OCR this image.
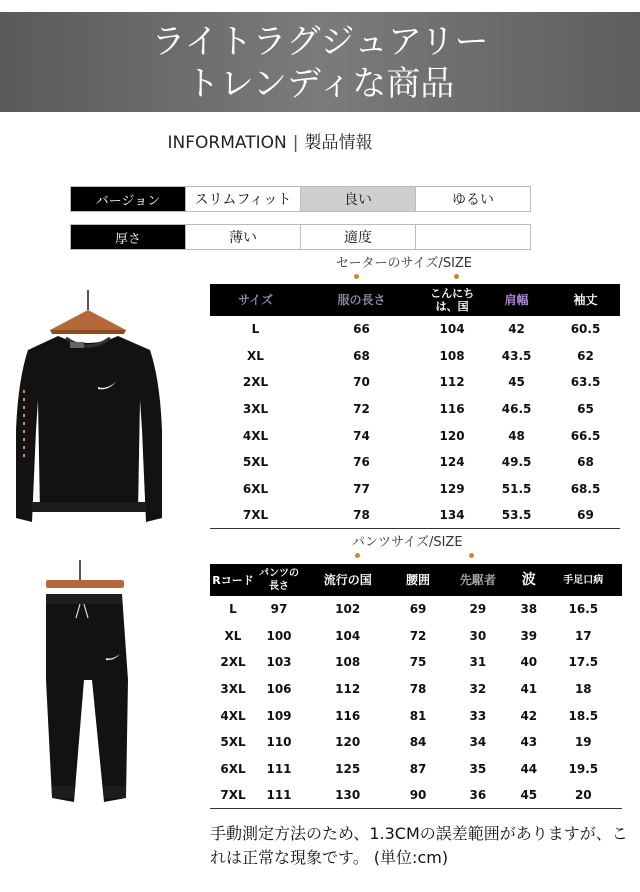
ライトラグジュアリー
トレンディな商品
INFORMATION | 製品情報
バージョン	スリムフィット	良い	ゆるい
厚さ	薄い	適度
セーターのサイズ/SIZE
サイズ	服の長さ	こんにちは、国	肩幅	袖丈
L	66	104	42	60.5
XL	68	108	43.5	62
2XL	70	112	45	63.5
3XL	72	116	46.5	65
4XL	74	120	48	66.5
5XL	76	124	49.5	68
6XL	77	129	51.5	68.5
7XL	78	134	53.5	69
パンツサイズ/SIZE
Rコード	パンツの長さ	流行の国	腰囲	先駆者	波	手足口病
L	97	102	69	29	38	16.5
XL	100	104	72	30	39	17
2XL	103	108	75	31	40	17.5
3XL	106	112	78	32	41	18
4XL	109	116	81	33	42	18.5
5XL	110	120	84	34	43	19
6XL	111	125	87	35	44	19.5
7XL	111	130	90	36	45	20
手動測定方法のため、1.3CMの誤差範囲がありますが、これは正常な現象です。 (単位:cm)
